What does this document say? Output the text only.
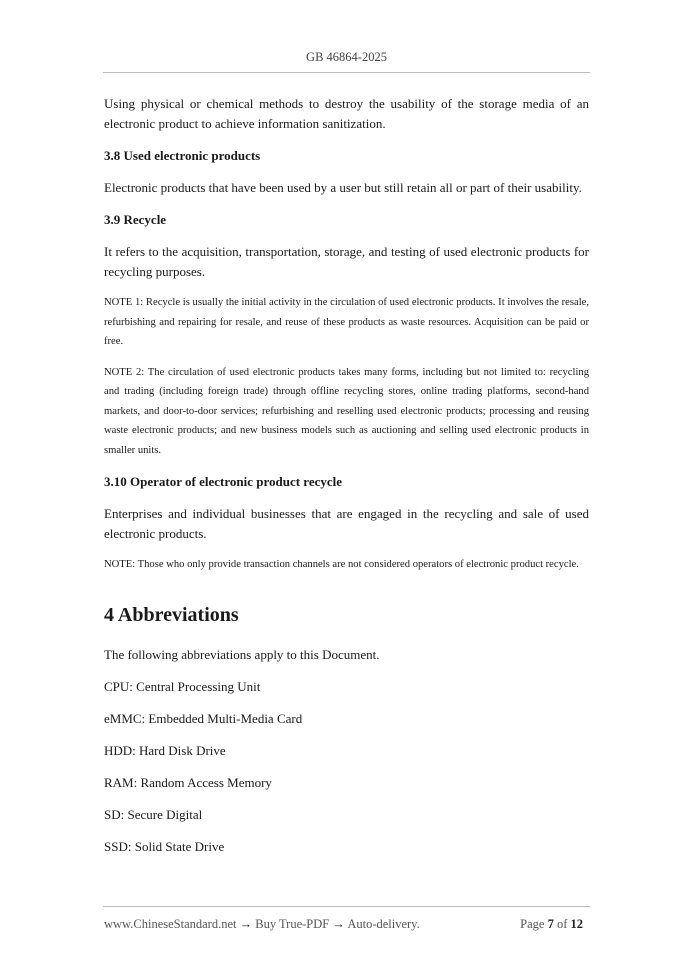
GB 46864-2025

Using physical or chemical methods to destroy the usability of the storage media of an electronic product to achieve information sanitization.

3.8 Used electronic products

Electronic products that have been used by a user but still retain all or part of their usability.

3.9 Recycle

It refers to the acquisition, transportation, storage, and testing of used electronic products for recycling purposes.

NOTE 1: Recycle is usually the initial activity in the circulation of used electronic products. It involves the resale, refurbishing and repairing for resale, and reuse of these products as waste resources. Acquisition can be paid or free.

NOTE 2: The circulation of used electronic products takes many forms, including but not limited to: recycling and trading (including foreign trade) through offline recycling stores, online trading platforms, second-hand markets, and door-to-door services; refurbishing and reselling used electronic products; processing and reusing waste electronic products; and new business models such as auctioning and selling used electronic products in smaller units.

3.10 Operator of electronic product recycle

Enterprises and individual businesses that are engaged in the recycling and sale of used electronic products.

NOTE: Those who only provide transaction channels are not considered operators of electronic product recycle.

4 Abbreviations

The following abbreviations apply to this Document.

CPU: Central Processing Unit

eMMC: Embedded Multi-Media Card

HDD: Hard Disk Drive

RAM: Random Access Memory

SD: Secure Digital

SSD: Solid State Drive

www.ChineseStandard.net → Buy True-PDF → Auto-delivery.	Page 7 of 12
